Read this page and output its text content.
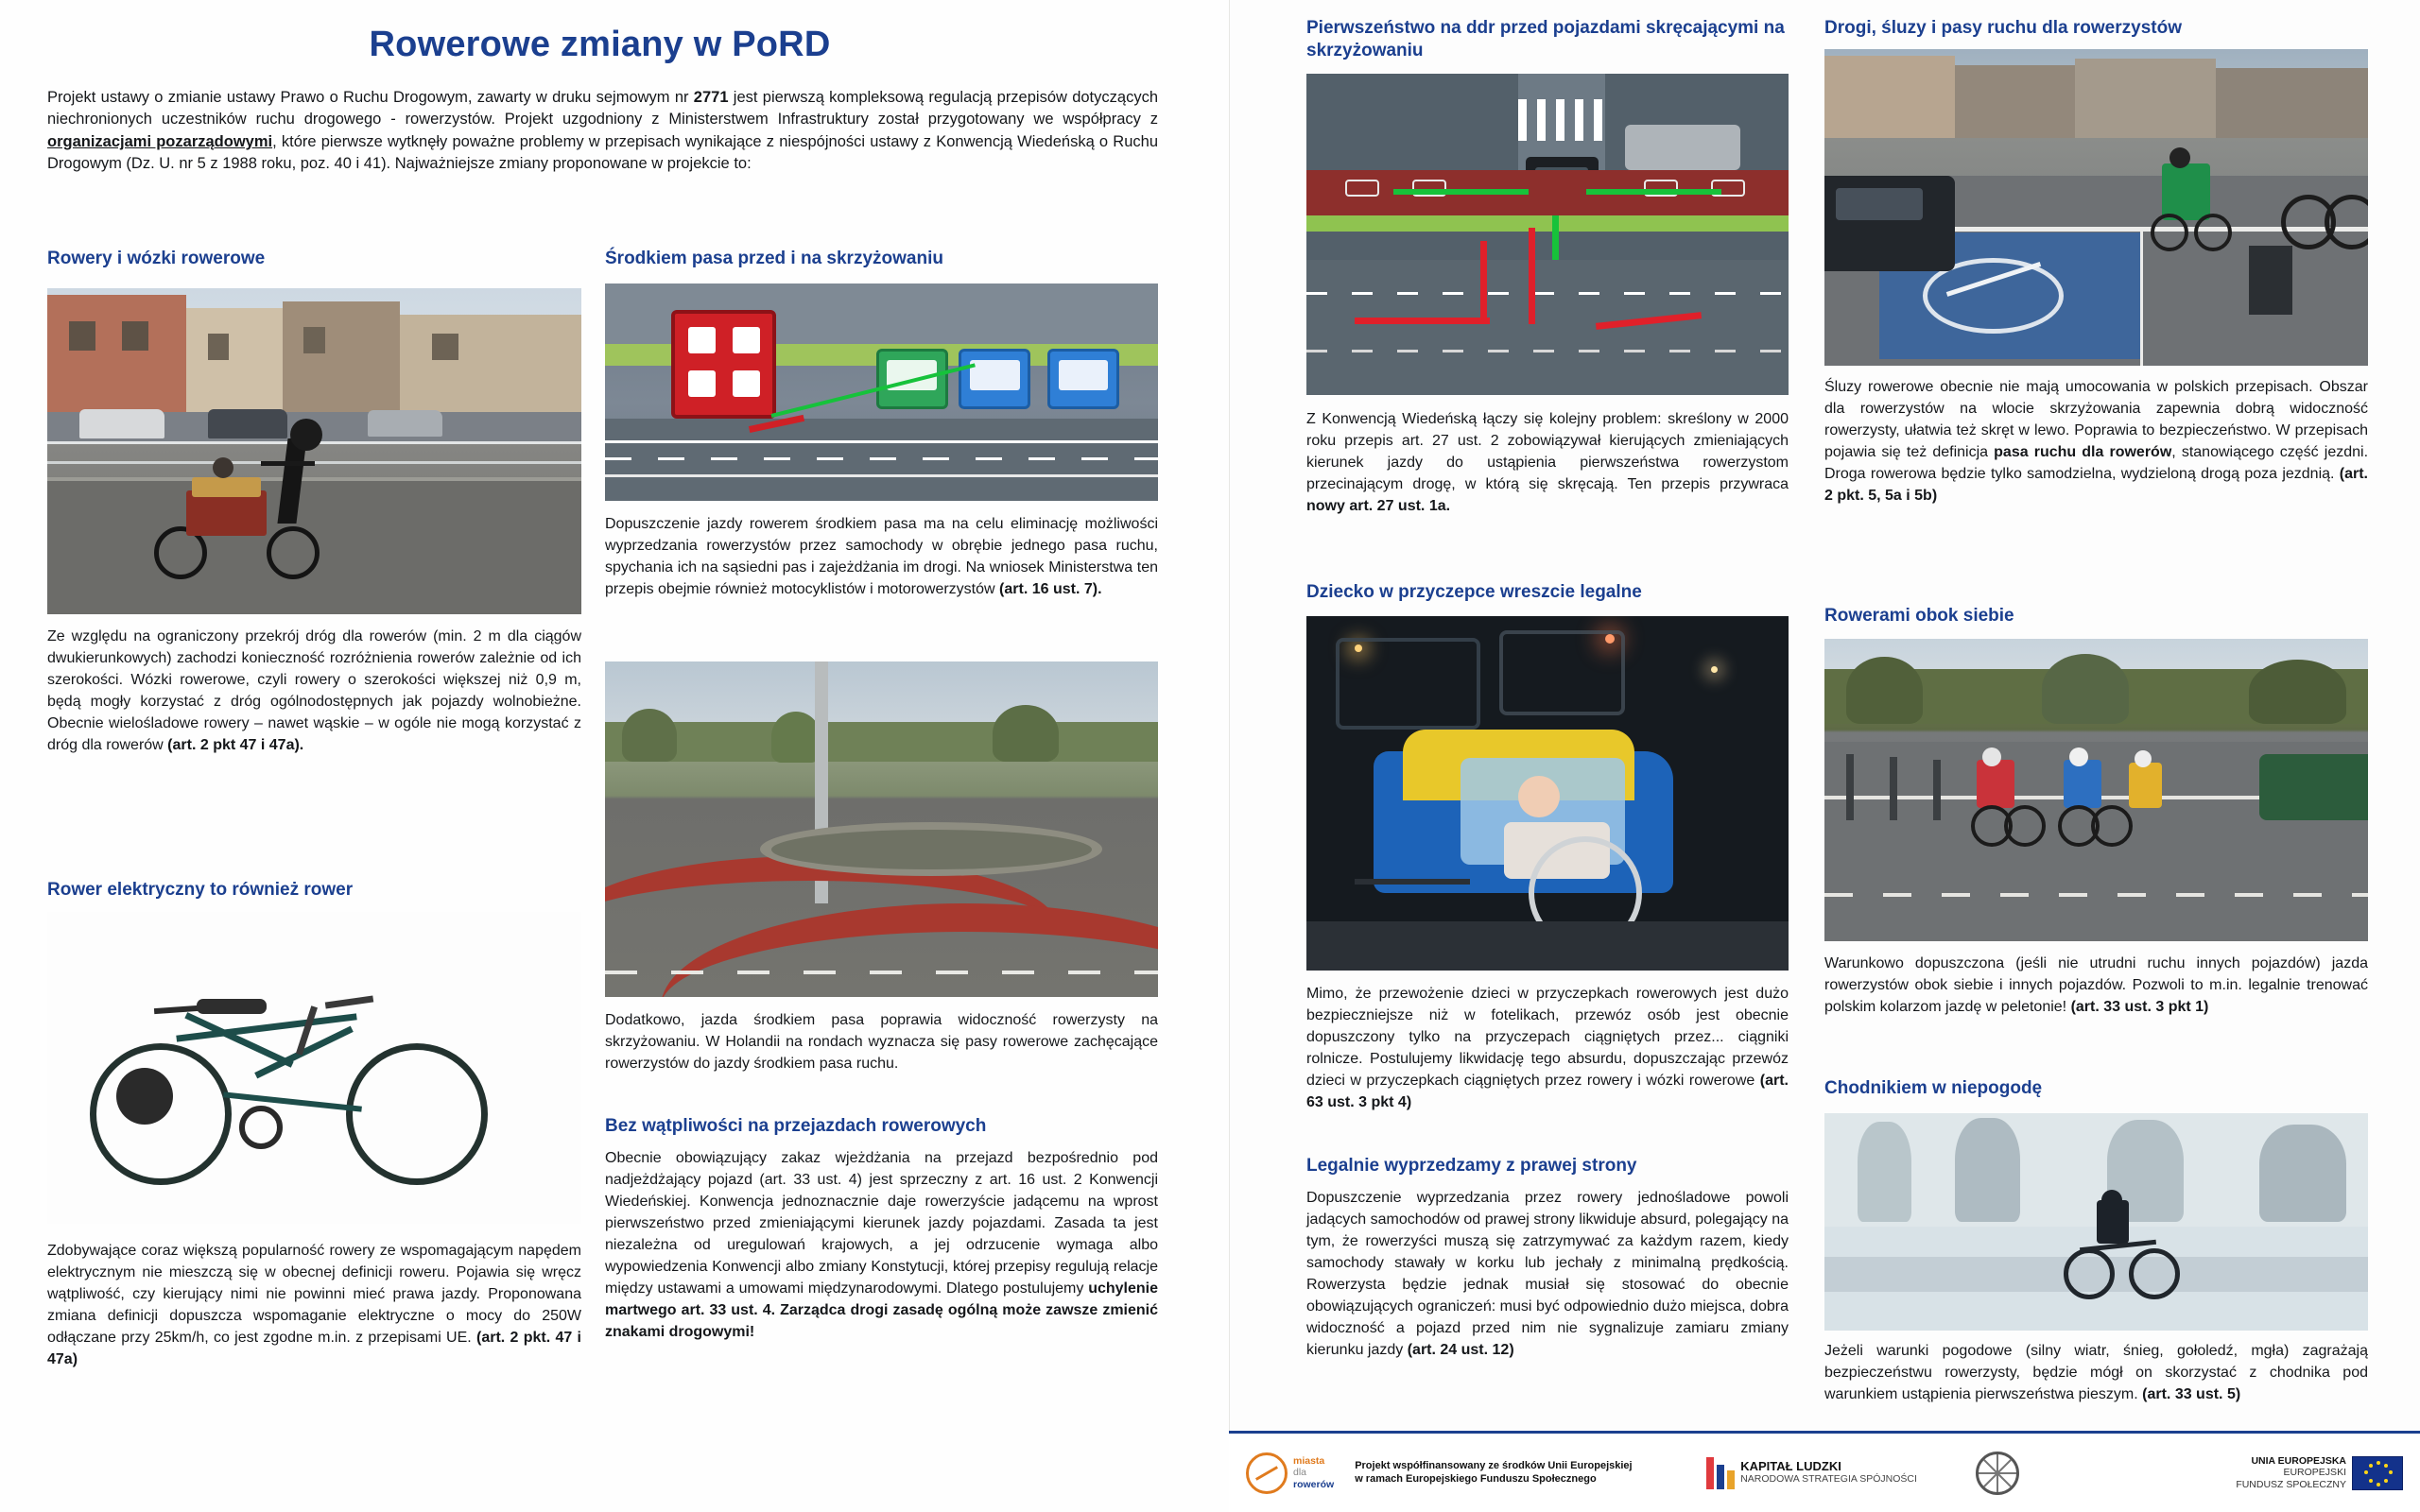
Rowerowe zmiany w PoRD
Projekt ustawy o zmianie ustawy Prawo o Ruchu Drogowym, zawarty w druku sejmowym nr 2771 jest pierwszą kompleksową regulacją przepisów dotyczących niechronionych uczestników ruchu drogowego - rowerzystów. Projekt uzgodniony z Ministerstwem Infrastruktury został przygotowany we współpracy z organizacjami pozarządowymi, które pierwsze wytknęły poważne problemy w przepisach wynikające z niespójności ustawy z Konwencją Wiedeńską o Ruchu Drogowym (Dz. U. nr 5 z 1988 roku, poz. 40 i 41). Najważniejsze zmiany proponowane w projekcie to:
Rowery i wózki rowerowe

Ze względu na ograniczony przekrój dróg dla rowerów (min. 2 m dla ciągów dwukierunkowych) zachodzi konieczność rozróżnienia rowerów zależnie od ich szerokości. Wózki rowerowe, czyli rowery o szerokości większej niż 0,9 m, będą mogły korzystać z dróg ogólnodostępnych jak pojazdy wolnobieżne. Obecnie wielośladowe rowery – nawet wąskie – w ogóle nie mogą korzystać z dróg dla rowerów (art. 2 pkt 47 i 47a).

Rower elektryczny to również rower

Zdobywające coraz większą popularność rowery ze wspomagającym napędem elektrycznym nie mieszczą się w obecnej definicji roweru. Pojawia się wręcz wątpliwość, czy kierujący nimi nie powinni mieć prawa jazdy. Proponowana zmiana definicji dopuszcza wspomaganie elektryczne o mocy do 250W odłączane przy 25km/h, co jest zgodne m.in. z przepisami UE. (art. 2 pkt. 47 i 47a)

Środkiem pasa przed i na skrzyżowaniu

Dopuszczenie jazdy rowerem środkiem pasa ma na celu eliminację możliwości wyprzedzania rowerzystów przez samochody w obrębie jednego pasa ruchu, spychania ich na sąsiedni pas i zajeżdżania im drogi. Na wniosek Ministerstwa ten przepis obejmie również motocyklistów i motorowerzystów (art. 16 ust. 7).

Dodatkowo, jazda środkiem pasa poprawia widoczność rowerzysty na skrzyżowaniu. W Holandii na rondach wyznacza się pasy rowerowe zachęcające rowerzystów do jazdy środkiem pasa ruchu.

Bez wątpliwości na przejazdach rowerowych

Obecnie obowiązujący zakaz wjeżdżania na przejazd bezpośrednio pod nadjeżdżający pojazd (art. 33 ust. 4) jest sprzeczny z art. 16 ust. 2 Konwencji Wiedeńskiej. Konwencja jednoznacznie daje rowerzyście jadącemu na wprost pierwszeństwo przed zmieniającymi kierunek jazdy pojazdami. Zasada ta jest niezależna od uregulowań krajowych, a jej odrzucenie wymaga albo wypowiedzenia Konwencji albo zmiany Konstytucji, której przepisy regulują relacje między ustawami a umowami międzynarodowymi. Dlatego postulujemy uchylenie martwego art. 33 ust. 4. Zarządca drogi zasadę ogólną może zawsze zmienić znakami drogowymi!

Pierwszeństwo na ddr przed pojazdami skręcającymi na skrzyżowaniu

Z Konwencją Wiedeńską łączy się kolejny problem: skreślony w 2000 roku przepis art. 27 ust. 2 zobowiązywał kierujących zmieniających kierunek jazdy do ustąpienia pierwszeństwa rowerzystom przecinającym drogę, w którą się skręcają. Ten przepis przywraca nowy art. 27 ust. 1a.

Dziecko w przyczepce wreszcie legalne

Mimo, że przewożenie dzieci w przyczepkach rowerowych jest dużo bezpieczniejsze niż w fotelikach, przewóz osób jest obecnie dopuszczony tylko na przyczepach ciągniętych przez... ciągniki rolnicze. Postulujemy likwidację tego absurdu, dopuszczając przewóz dzieci w przyczepkach ciągniętych przez rowery i wózki rowerowe (art. 63 ust. 3 pkt 4)

Legalnie wyprzedzamy z prawej strony

Dopuszczenie wyprzedzania przez rowery jednośladowe powoli jadących samochodów od prawej strony likwiduje absurd, polegający na tym, że rowerzyści muszą się zatrzymywać za każdym razem, kiedy samochody stawały w korku lub jechały z minimalną prędkością. Rowerzysta będzie jednak musiał się stosować do obecnie obowiązujących ograniczeń: musi być odpowiednio dużo miejsca, dobra widoczność a pojazd przed nim nie sygnalizuje zamiaru zmiany kierunku jazdy (art. 24 ust. 12)

Drogi, śluzy i pasy ruchu dla rowerzystów

Śluzy rowerowe obecnie nie mają umocowania w polskich przepisach. Obszar dla rowerzystów na wlocie skrzyżowania zapewnia dobrą widoczność rowerzysty, ułatwia też skręt w lewo. Poprawia to bezpieczeństwo. W przepisach pojawia się też definicja pasa ruchu dla rowerów, stanowiącego część jezdni. Droga rowerowa będzie tylko samodzielna, wydzieloną drogą poza jezdnią. (art. 2 pkt. 5, 5a i 5b)

Rowerami obok siebie

Warunkowo dopuszczona (jeśli nie utrudni ruchu innych pojazdów) jazda rowerzystów obok siebie i innych pojazdów. Pozwoli to m.in. legalnie trenować polskim kolarzom jazdę w peletonie! (art. 33 ust. 3 pkt 1)

Chodnikiem w niepogodę

Jeżeli warunki pogodowe (silny wiatr, śnieg, gołoledź, mgła) zagrażają bezpieczeństwu rowerzysty, będzie mógł on skorzystać z chodnika pod warunkiem ustąpienia pierwszeństwa pieszym. (art. 33 ust. 5)

miasta
dla
rowerów
Projekt współfinansowany ze środków Unii Europejskiej w ramach Europejskiego Funduszu Społecznego
KAPITAŁ LUDZKI
NARODOWA STRATEGIA SPÓJNOŚCI
UNIA EUROPEJSKA
EUROPEJSKI
FUNDUSZ SPOŁECZNY
